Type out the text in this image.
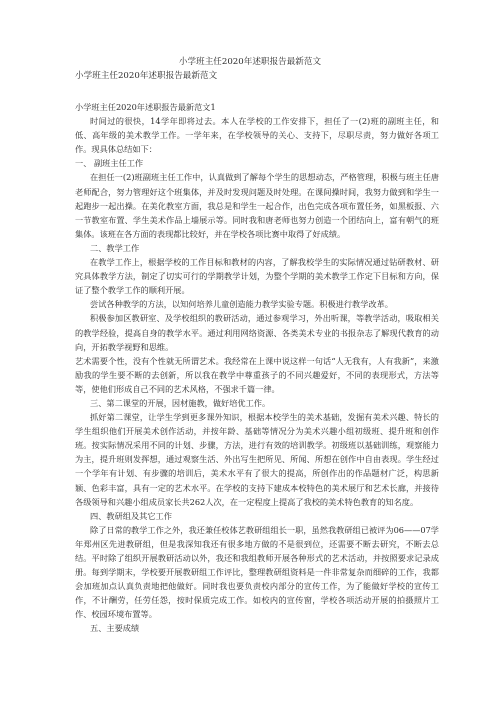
小学班主任2020年述职报告最新范文
小学班主任2020年述职报告最新范文

小学班主任2020年述职报告最新范文1

时间过的很快，14学年即将过去。本人在学校的工作安排下，担任了一(2)班的副班主任，和低、高年级的美术教学工作。一学年来，在学校领导的关心、支持下，尽职尽责，努力做好各项工作。现具体总结如下：

一、 副班主任工作

在担任一(2)班副班主任工作中，认真做到了解每个学生的思想动态，严格管理，积极与班主任唐老师配合，努力管理好这个班集体，并及时发现问题及时处理。在课间操时间，我努力做到和学生一起跑步一起出操。在美化教室方面，我总是和学生一起合作，出色完成各项布置任务，如黑板报、六一节教室布置、学生美术作品上墙展示等。同时我和唐老师也努力创造一个团结向上，富有朝气的班集体。该班在各方面的表现都比较好，并在学校各项比赛中取得了好成绩。

二、教学工作

在教学工作上，根据学校的工作目标和教材的内容，了解我校学生的实际情况通过钻研教材、研究具体教学方法，制定了切实可行的学期教学计划，为整个学期的美术教学工作定下目标和方向，保证了整个教学工作的顺利开展。

尝试各种教学的方法，以知何培养儿童创造能力教学实验专题。积极进行教学改革。

积极参加区教研室、及学校组织的教研活动，通过参观学习，外出听课，等教学活动，吸取相关的教学经验，提高自身的教学水平。通过利用网络资源、各类美术专业的书报杂志了解现代教育的动向，开拓教学视野和思维。

艺术需要个性，没有个性就无所谓艺术。我经常在上课中说这样一句话“人无我有，人有我新”，来激励我的学生要不断的去创新，所以我在教学中尊重孩子的不同兴趣爱好，不同的表现形式，方法等等，使他们形成自己不同的艺术风格，不强求千篇一律。

三、第二课堂的开展，因材施教，做好培优工作。

抓好第二课堂，让学生学到更多课外知识，根据本校学生的美术基础，发掘有美术兴趣、特长的学生组织他们开展美术创作活动，并按年龄、基础等情况分为美术兴趣小组初级班、提升班和创作班。按实际情况采用不同的计划、步骤，方法，进行有效的培训教学。初级班以基础训练，观察能力为主，提升班则发挥想，通过观察生活、外出写生把所见、所闻、所想在创作中自由表现。学生经过一个学年有计划、有步骤的培训后，美术水平有了很大的提高，所创作出的作品题材广泛，构思新颖、色彩丰富，具有一定的艺术水平。在学校的支持下建成本校特色的美术展厅和艺术长廊，并接待各级领导和兴趣小组成员家长共262人次，在一定程度上提高了我校的美术特色教育的知名度。

四、教研组及其它工作

除了日常的教学工作之外，我还兼任校体艺教研组组长一职，虽然我教研组已被评为06——07学年郑州区先进教研组，但是我深知我还有很多地方做的不是很到位，还需要不断去研究，不断去总结。平时除了组织开展教研活动以外，我还和我组教师开展各种形式的艺术活动，并按照要求记录成册。每到学期末，学校要开展教研组工作评比，整理教研组资料是一件非常复杂而细碎的工作，我都会加班加点认真负责地把他做好。同时我也要负责校内部分的宣传工作，为了能做好学校的宣传工作，不计酬劳，任劳任怨，按时保质完成工作。如校内的宣传窗，学校各项活动开展的拍摄照片工作、校园环境布置等。

五、主要成绩
